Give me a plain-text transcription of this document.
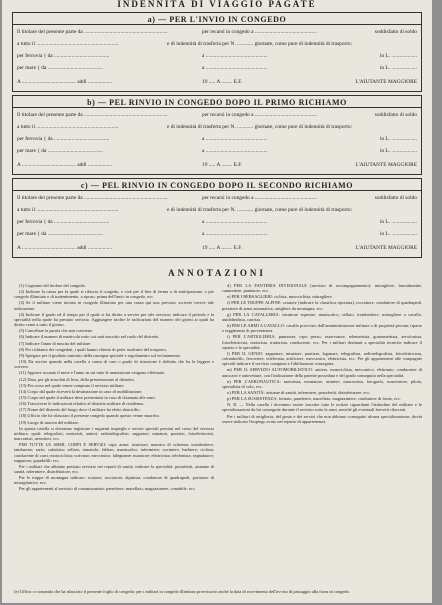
INDENNITÀ DI VIAGGIO PAGATE
a) — PER L'INVIO IN CONGEDO
Il titolare del presente parte da ..............................................................	per recarsi in congedo a ..............................................	soddisfatto di soldo
a tutto il .............................................................	e di indennità di trasferta per N. ............ giornate, come pure di indennità di trasporto:
per ferrovia { da .........................................	a ..............................................	in L. ...................
per mare { da .........................................	a ..............................................	in L. ...................
A ........................................ addì ..................	19 ..... A ........ E.F.	L'AIUTANTE MAGGIORE
b) — PEL RINVIO IN CONGEDO DOPO IL PRIMO RICHIAMO
Il titolare del presente parte da ..............................................................	per recarsi in congedo a ..............................................	soddisfatto di soldo
a tutto il .............................................................	e di indennità di trasferta per N. ............ giornate, come pure di indennità di trasporto:
per ferrovia { da .........................................	a ..............................................	in L. ...................
per mare { da .........................................	a ..............................................	in L. ...................
A ........................................ addì ..................	19 ..... A ........ E.F.	L'AIUTANTE MAGGIORE
c) — PEL RINVIO IN CONGEDO DOPO IL SECONDO RICHIAMO
Il titolare del presente parte da ..............................................................	per recarsi in congedo a ..............................................	soddisfatto di soldo
a tutto il .............................................................	e di indennità di trasferta per N. ............ giornate, come pure di indennità di trasporto:
per ferrovia { da .........................................	a ..............................................	in L. ...................
per mare { da .........................................	a ..............................................	in L. ...................
A ........................................ addì ..................	19 ..... A ........ E.F.	L'AIUTANTE MAGGIORE
ANNOTAZIONI

(1) Cognome del titolare del congedo.

(2) Indicare la causa per la quale si rilascia il congedo, e cioè per il fine di ferma o di anticipazione, o per congedo illimitato o di trattenimento, a riposo, prima dell'invio in congedo, ecc.

(3) Se il militare viene inviato in congedo illimitato per una causa qui non prevista, scrivere invece tale indicazione.

(4) Indicare il grado ed il tempo per il quale si ha diritto a servire per tale servizio; indicare il periodo e la specialità nella quale ha prestato servizio. Aggiungere inoltre le indicazioni del numero dei giorni ai quali ha diritto come a tutto il giorno.

(5) Cancellare la parola che non conviene.

(6) Indicare il numero di matricola sotto cui sarà inscritto nel ruolo del distretto.

(7) Indicare l'anno di nascita del militare.

(8) Per richiamo dei congedati, i quali hanno chiesto di poter usufruire del trasporto.

(9) Spiegare per il giudizio sanitario della rassegna speciale e regolamento sul reclutamento.

(10) Da servire quando nella casella a causa di cure o grado di istruzione è definito che ha la leggere e scrivere.

(11) Apporre accanto il mese e l'anno in cui tutte le annotazioni vengono effettuate.

(12) Data, per gli arruolati di leva, della presentazione al distretto.

(13) Per corso nel quale venne compiuto il servizio militare.

(14) Corpo dal quale riceverà la destinazione in caso di mobilitazione.

(15) Corpo nel quale il militare deve presentarsi in caso di chiamata alle armi.

(16) Trascrivere le indicazioni relative al distretto militare di residenza.

(17) Nome del distretto del luogo dove il militare ha eletto domicilio.

(18) Ufficio che ha rilasciato il presente congedo quando questo venne smarrito.

(19) Luogo di nascita del militare.

In questa casella si dovranno registrare i seguenti impieghi e servizi speciali prestati nel corso del servizio militare, quali: telegrafisti, motoristi, autieri, radiotelegrafisti, zappatori, minatori, pontieri, fotoelettricisti, marconisti, aerostieri, ecc.

PER TUTTE LE ARMI, CORPI E SERVIZI: capo arma; istruttore; maestro di scherma; trombettiere; tamburino; sarto; calzolaio; sellaio; armaiolo; fabbro; maniscalco; infermiere; cuciniere; barbiere; ciclista; conducente di carri; motociclista; scrivano; meccanico; falegname; muratore; elettricista; telefonista; segnalatore; zappatore; guardafili; ecc.

Per i militari che abbiano prestato servizio nei reparti di sanità, indicare la specialità: portaferiti, aiutante di sanità, infermiere, disinfettatore, ecc.

Per le truppe di montagna indicare: sciatore, rocciatore, alpinista, conduttore di quadrupedi, portatore di mitragliatrice, ecc.

Per gli appartenenti al servizio di commissariato: panettiere, macellaio, magazziniere, contabile, ecc.

d) PER LA FANTERIA DIVISIONALE (servizio di accompagnamento): mitragliere, lanciabombe, cannoniere, puntatore, ecc.

e) PER I BERSAGLIERI: ciclista, motociclista, mitragliere.

f) PER LE TRUPPE ALPINE: sciatore (indicare la classifica riportata), rocciatore, conduttore di quadrupedi, portatore di arma automatica, artigliere da montagna, ecc.

g) PER LA CAVALLERIA: istruttore equestre, maniscalco, sellaio, trombettiere, mitragliere a cavallo, autoblindista, carrista.

h) PER LE ARMI A CAVALLO: cavallo provvisto dall'amministrazione militare o di proprietà privata; riparto e reggimento di provenienza.

i) PER L'ARTIGLIERIA: puntatore, capo pezzo, osservatore, telemetrista, goniometrista, aerofonista, fotoelettricista, motorista, trattorista, conducente, ecc. Per i militari destinati a specialità tecniche indicare il reparto e la specialità.

l) PER IL GENIO: zappatore, minatore, pontiere, lagunare, telegrafista, radiotelegrafista, fotoelettricista, colombofilo, ferroviere, teleferista, artificiere, meccanico, elettricista, ecc. Per gli appartenenti alle compagnie speciali indicare il servizio compiuto e l'abilitazione conseguita.

m) PER IL SERVIZIO AUTOMOBILISTICO: autiere, motociclista, meccanico, elettrauto, conducente di autocarri e autovetture, con l'indicazione della patente posseduta e del grado conseguito nella specialità.

n) PER L'AERONAUTICA: motorista, montatore, armiere, marconista, fotografo, osservatore, pilota, specialista di volo, ecc.

o) PER LA SANITÀ: aiutante di sanità, infermiere, portaferiti, disinfettatore, ecc.

p) PER LA SUSSISTENZA: fornaio, panettiere, macellaio, magazziniere, conduttore di forno, ecc.

N. B. — Nella casella i dovranno essere inscritte tutte le notizie riguardanti l'attitudine del militare e le specializzazioni da lui conseguite durante il servizio sotto le armi, nonché gli eventuali brevetti rilasciati.

Per i militari di artiglieria, del genio e dei servizi che non abbiano conseguito alcuna specializzazione, dovrà essere indicato l'impiego avuto nel reparto di appartenenza.

(e) Ufficio o comando che ha rilasciato il presente foglio di congedo; per i militari in congedo illimitato provvisorio anche la data di ricevimento dell'avviso di passaggio alla forza in congedo.
